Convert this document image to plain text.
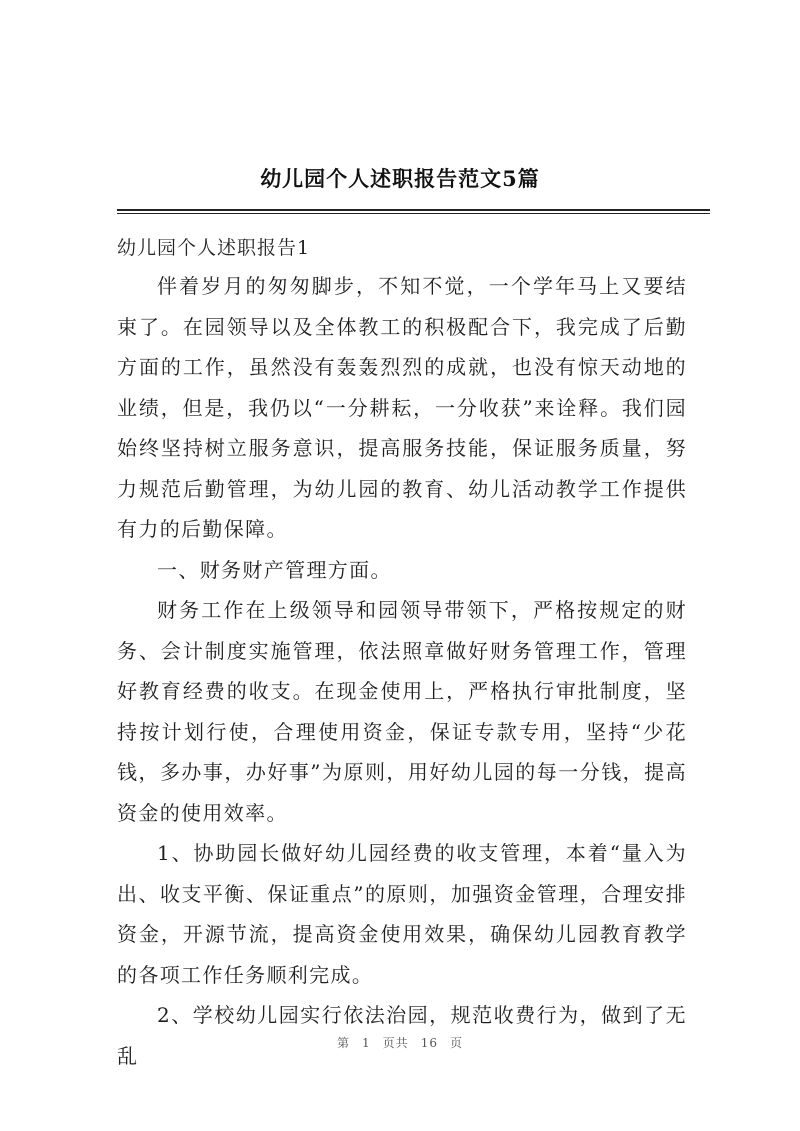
幼儿园个人述职报告范文5篇
幼儿园个人述职报告1

伴着岁月的匆匆脚步，不知不觉，一个学年马上又要结束了。在园领导以及全体教工的积极配合下，我完成了后勤方面的工作，虽然没有轰轰烈烈的成就，也没有惊天动地的业绩，但是，我仍以“一分耕耘，一分收获”来诠释。我们园始终坚持树立服务意识，提高服务技能，保证服务质量，努力规范后勤管理，为幼儿园的教育、幼儿活动教学工作提供有力的后勤保障。

一、财务财产管理方面。

财务工作在上级领导和园领导带领下，严格按规定的财务、会计制度实施管理，依法照章做好财务管理工作，管理好教育经费的收支。在现金使用上，严格执行审批制度，坚持按计划行使，合理使用资金，保证专款专用，坚持“少花钱，多办事，办好事”为原则，用好幼儿园的每一分钱，提高资金的使用效率。

1、协助园长做好幼儿园经费的收支管理，本着“量入为出、收支平衡、保证重点”的原则，加强资金管理，合理安排资金，开源节流，提高资金使用效果，确保幼儿园教育教学的各项工作任务顺利完成。

2、学校幼儿园实行依法治园，规范收费行为，做到了无乱

第 1 页共 16 页
